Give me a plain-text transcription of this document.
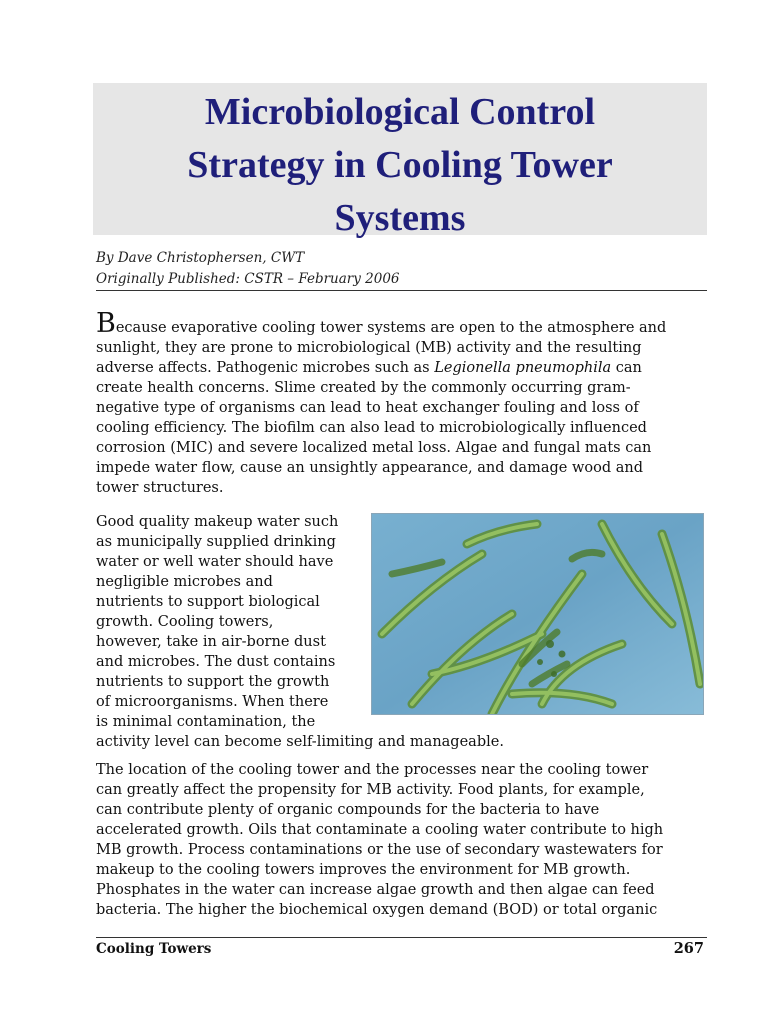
Microbiological Control
Strategy in Cooling Tower
Systems

By Dave Christophersen, CWT
Originally Published: CSTR – February 2006

Because evaporative cooling tower systems are open to the atmosphere and
sunlight, they are prone to microbiological (MB) activity and the resulting
adverse affects. Pathogenic microbes such as Legionella pneumophila can
create health concerns. Slime created by the commonly occurring gram-
negative type of organisms can lead to heat exchanger fouling and loss of
cooling efficiency. The biofilm can also lead to microbiologically influenced
corrosion (MIC) and severe localized metal loss. Algae and fungal mats can
impede water flow, cause an unsightly appearance, and damage wood and
tower structures.

Good quality makeup water such
as municipally supplied drinking
water or well water should have
negligible microbes and
nutrients to support biological
growth. Cooling towers,
however, take in air-borne dust
and microbes. The dust contains
nutrients to support the growth
of microorganisms. When there
is minimal contamination, the
activity level can become self-limiting and manageable.

The location of the cooling tower and the processes near the cooling tower
can greatly affect the propensity for MB activity. Food plants, for example,
can contribute plenty of organic compounds for the bacteria to have
accelerated growth. Oils that contaminate a cooling water contribute to high
MB growth. Process contaminations or the use of secondary wastewaters for
makeup to the cooling towers improves the environment for MB growth.
Phosphates in the water can increase algae growth and then algae can feed
bacteria. The higher the biochemical oxygen demand (BOD) or total organic

Cooling Towers	267
